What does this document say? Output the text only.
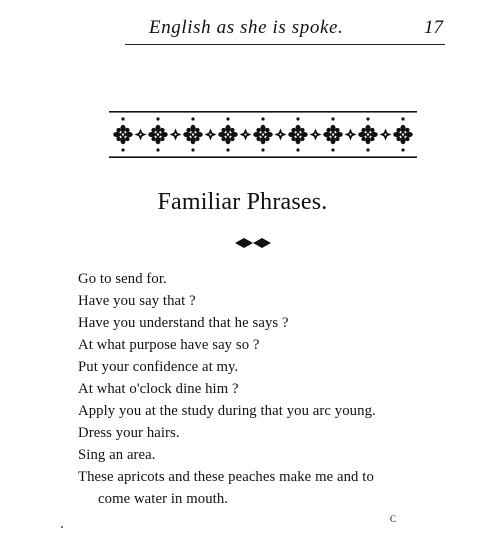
English as she is spoke.	17
Familiar Phrases.
Go to send for.
Have you say that ?
Have you understand that he says ?
At what purpose have say so ?
Put your confidence at my.
At what o'clock dine him ?
Apply you at the study during that you arc young.
Dress your hairs.
Sing an area.
These apricots and these peaches make me and to
come water in mouth.
c
